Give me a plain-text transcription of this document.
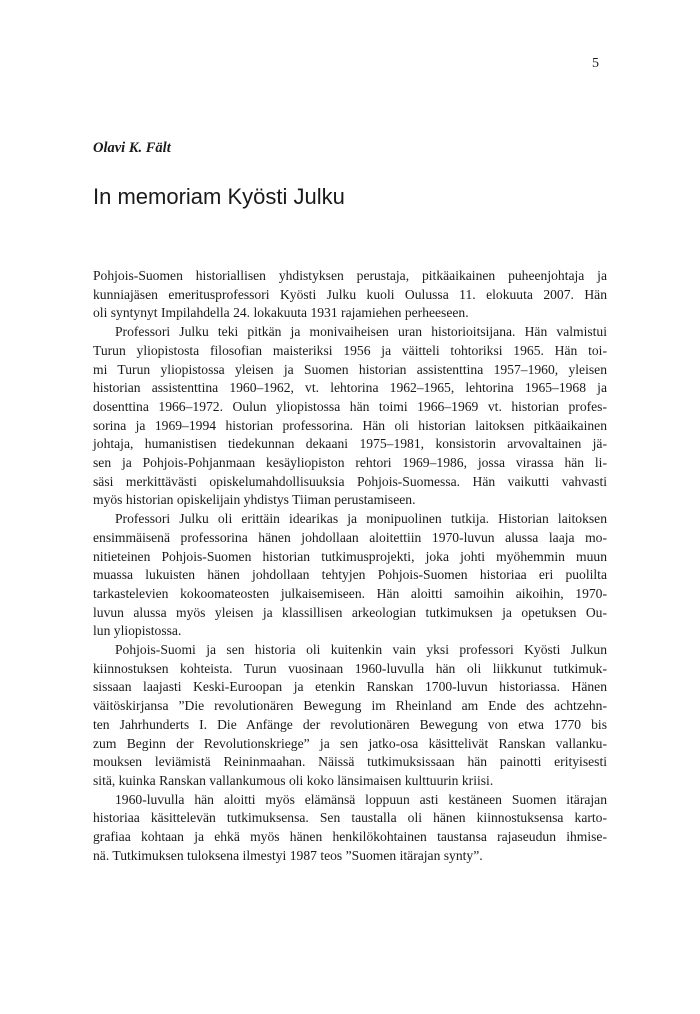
5
Olavi K. Fält
In memoriam Kyösti Julku
Pohjois-Suomen historiallisen yhdistyksen perustaja, pitkäaikainen puheenjohtaja ja
kunniajäsen emeritusprofessori Kyösti Julku kuoli Oulussa 11. elokuuta 2007. Hän
oli syntynyt Impilahdella 24. lokakuuta 1931 rajamiehen perheeseen.
Professori Julku teki pitkän ja monivaiheisen uran historioitsijana. Hän valmistui
Turun yliopistosta filosofian maisteriksi 1956 ja väitteli tohtoriksi 1965. Hän toi-
mi Turun yliopistossa yleisen ja Suomen historian assistenttina 1957–1960, yleisen
historian assistenttina 1960–1962, vt. lehtorina 1962–1965, lehtorina 1965–1968 ja
dosenttina 1966–1972. Oulun yliopistossa hän toimi 1966–1969 vt. historian profes-
sorina ja 1969–1994 historian professorina. Hän oli historian laitoksen pitkäaikainen
johtaja, humanistisen tiedekunnan dekaani 1975–1981, konsistorin arvovaltainen jä-
sen ja Pohjois-Pohjanmaan kesäyliopiston rehtori 1969–1986, jossa virassa hän li-
säsi merkittävästi opiskelumahdollisuuksia Pohjois-Suomessa. Hän vaikutti vahvasti
myös historian opiskelijain yhdistys Tiiman perustamiseen.
Professori Julku oli erittäin idearikas ja monipuolinen tutkija. Historian laitoksen
ensimmäisenä professorina hänen johdollaan aloitettiin 1970-luvun alussa laaja mo-
nitieteinen Pohjois-Suomen historian tutkimusprojekti, joka johti myöhemmin muun
muassa lukuisten hänen johdollaan tehtyjen Pohjois-Suomen historiaa eri puolilta
tarkastelevien kokoomateosten julkaisemiseen. Hän aloitti samoihin aikoihin, 1970-
luvun alussa myös yleisen ja klassillisen arkeologian tutkimuksen ja opetuksen Ou-
lun yliopistossa.
Pohjois-Suomi ja sen historia oli kuitenkin vain yksi professori Kyösti Julkun
kiinnostuksen kohteista. Turun vuosinaan 1960-luvulla hän oli liikkunut tutkimuk-
sissaan laajasti Keski-Euroopan ja etenkin Ranskan 1700-luvun historiassa. Hänen
väitöskirjansa ”Die revolutionären Bewegung im Rheinland am Ende des achtzehn-
ten Jahrhunderts I. Die Anfänge der revolutionären Bewegung von etwa 1770 bis
zum Beginn der Revolutionskriege” ja sen jatko-osa käsittelivät Ranskan vallanku-
mouksen leviämistä Reininmaahan. Näissä tutkimuksissaan hän painotti erityisesti
sitä, kuinka Ranskan vallankumous oli koko länsimaisen kulttuurin kriisi.
1960-luvulla hän aloitti myös elämänsä loppuun asti kestäneen Suomen itärajan
historiaa käsittelevän tutkimuksensa. Sen taustalla oli hänen kiinnostuksensa karto-
grafiaa kohtaan ja ehkä myös hänen henkilökohtainen taustansa rajaseudun ihmise-
nä. Tutkimuksen tuloksena ilmestyi 1987 teos ”Suomen itärajan synty”.
